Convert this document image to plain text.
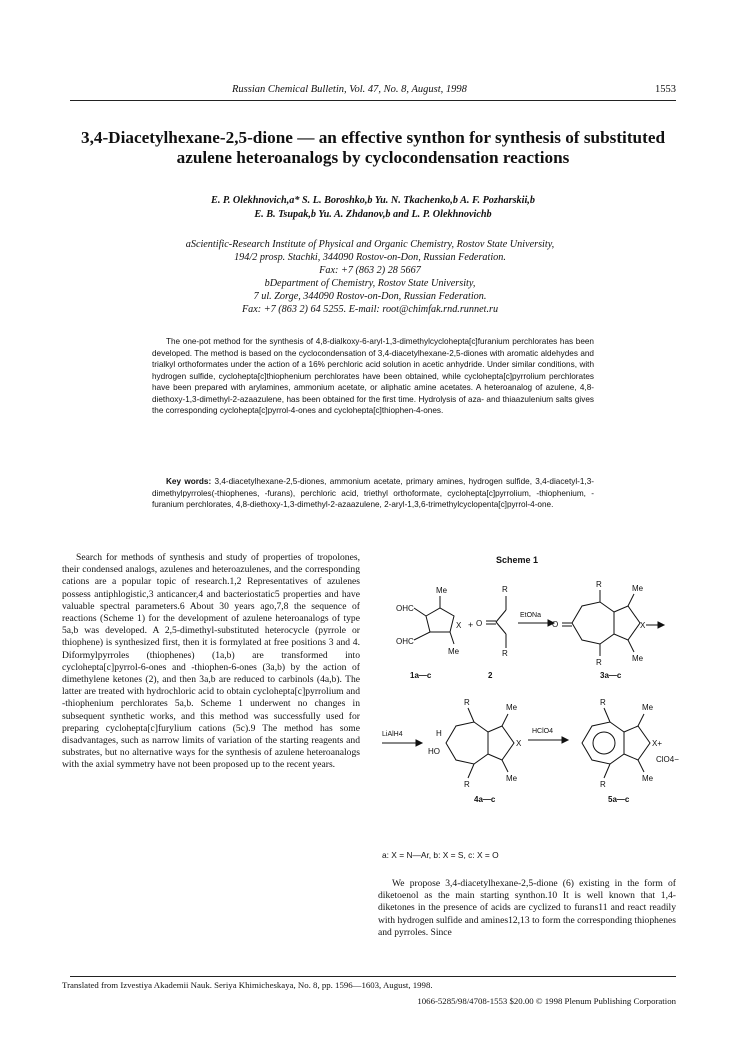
Russian Chemical Bulletin, Vol. 47, No. 8, August, 1998	1553
3,4-Diacetylhexane-2,5-dione — an effective synthon for synthesis of substituted azulene heteroanalogs by cyclocondensation reactions
E. P. Olekhnovich,a* S. L. Boroshko,b Yu. N. Tkachenko,b A. F. Pozharskii,b
E. B. Tsupak,b Yu. A. Zhdanov,b and L. P. Olekhnovichb
aScientific-Research Institute of Physical and Organic Chemistry, Rostov State University,
194/2 prosp. Stachki, 344090 Rostov-on-Don, Russian Federation.
Fax: +7 (863 2) 28 5667
bDepartment of Chemistry, Rostov State University,
7 ul. Zorge, 344090 Rostov-on-Don, Russian Federation.
Fax: +7 (863 2) 64 5255. E-mail: root@chimfak.rnd.runnet.ru

The one-pot method for the synthesis of 4,8-dialkoxy-6-aryl-1,3-dimethylcyclohepta[c]furanium perchlorates has been developed. The method is based on the cyclocondensation of 3,4-diacetylhexane-2,5-diones with aromatic aldehydes and trialkyl orthoformates under the action of a 16% perchloric acid solution in acetic anhydride. Under similar conditions, with hydrogen sulfide, cyclohepta[c]thiophenium perchlorates have been obtained, while cyclohepta[c]pyrrolium perchlorates have been prepared with arylamines, ammonium acetate, or aliphatic amine acetates. A heteroanalog of azulene, 4,8-diethoxy-1,3-dimethyl-2-azaazulene, has been obtained for the first time. Hydrolysis of aza- and thiaazulenium salts gives the corresponding cyclohepta[c]pyrrol-4-ones and cyclohepta[c]thiophen-4-ones.

Key words: 3,4-diacetylhexane-2,5-diones, ammonium acetate, primary amines, hydrogen sulfide, 3,4-diacetyl-1,3-dimethylpyrroles(-thiophenes, -furans), perchloric acid, triethyl orthoformate, cyclohepta[c]pyrrolium, -thiophenium, -furanium perchlorates, 4,8-diethoxy-1,3-dimethyl-2-azaazulene, 2-aryl-1,3,6-trimethylcyclopenta[c]pyrrol-4-one.

Search for methods of synthesis and study of properties of tropolones, their condensed analogs, azulenes and heteroazulenes, and the corresponding cations are a popular topic of research.1,2 Representatives of azulenes possess antiphlogistic,3 anticancer,4 and bacteriostatic5 properties and have valuable spectral parameters.6 About 30 years ago,7,8 the sequence of reactions (Scheme 1) for the development of azulene heteroanalogs of type 5a,b was developed. A 2,5-dimethyl-substituted heterocycle (pyrrole or thiophene) is synthesized first, then it is formylated at free positions 3 and 4. Diformylpyrroles (thiophenes) (1a,b) are transformed into cyclohepta[c]pyrrol-6-ones and -thiophen-6-ones (3a,b) by the action of dimethylene ketones (2), and then 3a,b are reduced to carbinols (4a,b). The latter are treated with hydrochloric acid to obtain cyclohepta[c]pyrrolium and -thiophenium perchlorates 5a,b. Scheme 1 underwent no changes in subsequent synthetic works, and this method was successfully used for preparing cyclohepta[c]furylium cations (5c).9 The method has some disadvantages, such as narrow limits of variation of the starting reagents and substrates, but no alternative ways for the synthesis of azulene heteroanalogs with the axial symmetry have not been proposed up to the recent years.

Scheme 1
OHC
OHC
Me
Me
X + O
R
R
EtONa
O
R
R
Me
Me
X
1a—c	2	3a—c
LiAlH4	H
HO
R
R
Me
Me
X
HClO4
R
R
Me
Me
X+
ClO4−
4a—c	5a—c
a: X = N—Ar, b: X = S, c: X = O

We propose 3,4-diacetylhexane-2,5-dione (6) existing in the form of diketoenol as the main starting synthon.10 It is well known that 1,4-diketones in the presence of acids are cyclized to furans11 and react readily with hydrogen sulfide and amines12,13 to form the corresponding thiophenes and pyrroles. Since

Translated from Izvestiya Akademii Nauk. Seriya Khimicheskaya, No. 8, pp. 1596—1603, August, 1998.
1066-5285/98/4708-1553 $20.00 © 1998 Plenum Publishing Corporation
